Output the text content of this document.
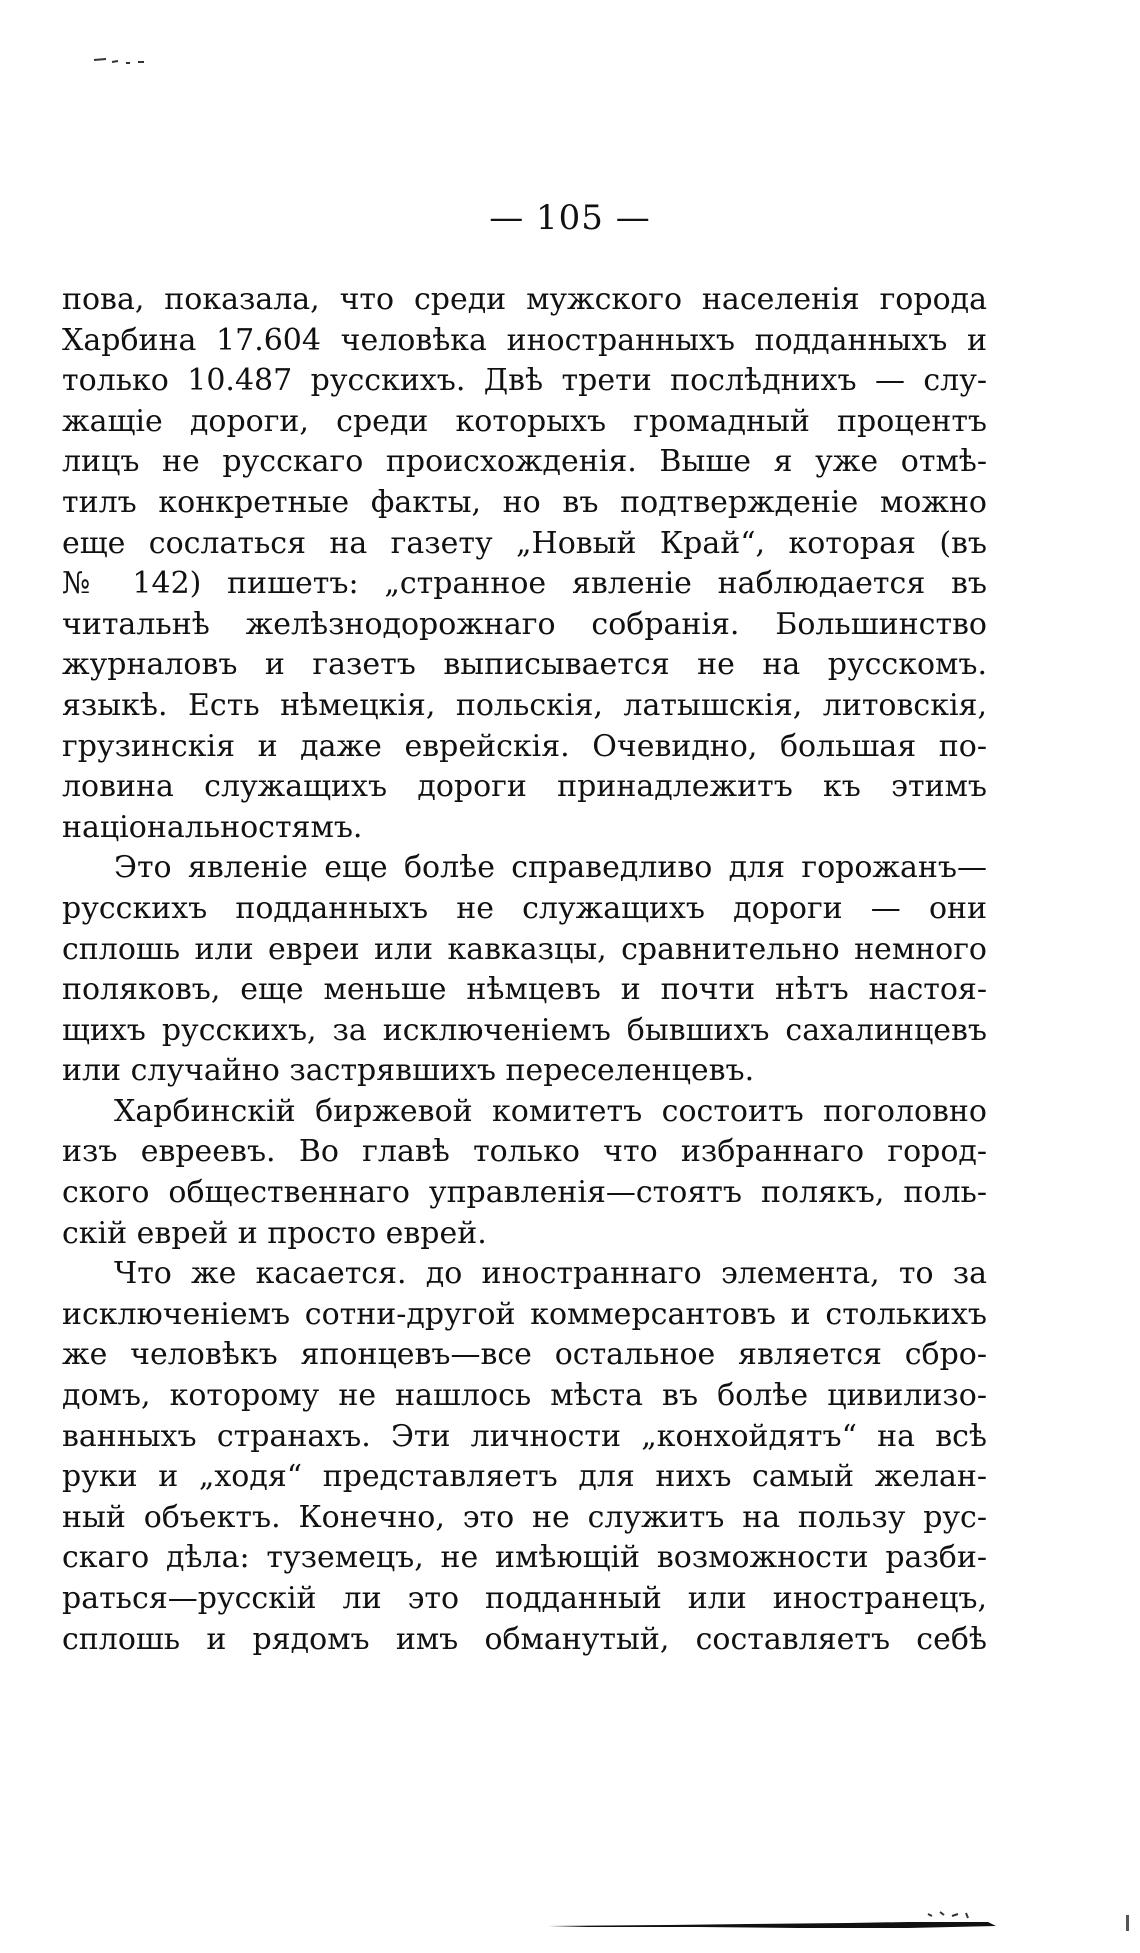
— 105 —
пова, показала, что среди мужского населенія города
Харбина 17.604 человѣка иностранныхъ подданныхъ и
только 10.487 русскихъ. Двѣ трети послѣднихъ — слу-
жащіе дороги, среди которыхъ громадный процентъ
лицъ не русскаго происхожденія. Выше я уже отмѣ-
тилъ конкретные факты, но въ подтвержденіе можно
еще сослаться на газету „Новый Край“, которая (въ
№ 142) пишетъ: „странное явленіе наблюдается въ
читальнѣ желѣзнодорожнаго собранія. Большинство
журналовъ и газетъ выписывается не на русскомъ.
языкѣ. Есть нѣмецкія, польскія, латышскія, литовскія,
грузинскія и даже еврейскія. Очевидно, большая по-
ловина служащихъ дороги принадлежитъ къ этимъ
національностямъ.
Это явленіе еще болѣе справедливо для горожанъ—
русскихъ подданныхъ не служащихъ дороги — они
сплошь или евреи или кавказцы, сравнительно немного
поляковъ, еще меньше нѣмцевъ и почти нѣтъ настоя-
щихъ русскихъ, за исключеніемъ бывшихъ сахалинцевъ
или случайно застрявшихъ переселенцевъ.
Харбинскій биржевой комитетъ состоитъ поголовно
изъ евреевъ. Во главѣ только что избраннаго город-
ского общественнаго управленія—стоятъ полякъ, поль-
скій еврей и просто еврей.
Что же касается. до иностраннаго элемента, то за
исключеніемъ сотни-другой коммерсантовъ и столькихъ
же человѣкъ японцевъ—все остальное является сбро-
домъ, которому не нашлось мѣста въ болѣе цивилизо-
ванныхъ странахъ. Эти личности „конхойдятъ“ на всѣ
руки и „ходя“ представляетъ для нихъ самый желан-
ный объектъ. Конечно, это не служитъ на пользу рус-
скаго дѣла: туземецъ, не имѣющій возможности разби-
раться—русскій ли это подданный или иностранецъ,
сплошь и рядомъ имъ обманутый, составляетъ себѣ
